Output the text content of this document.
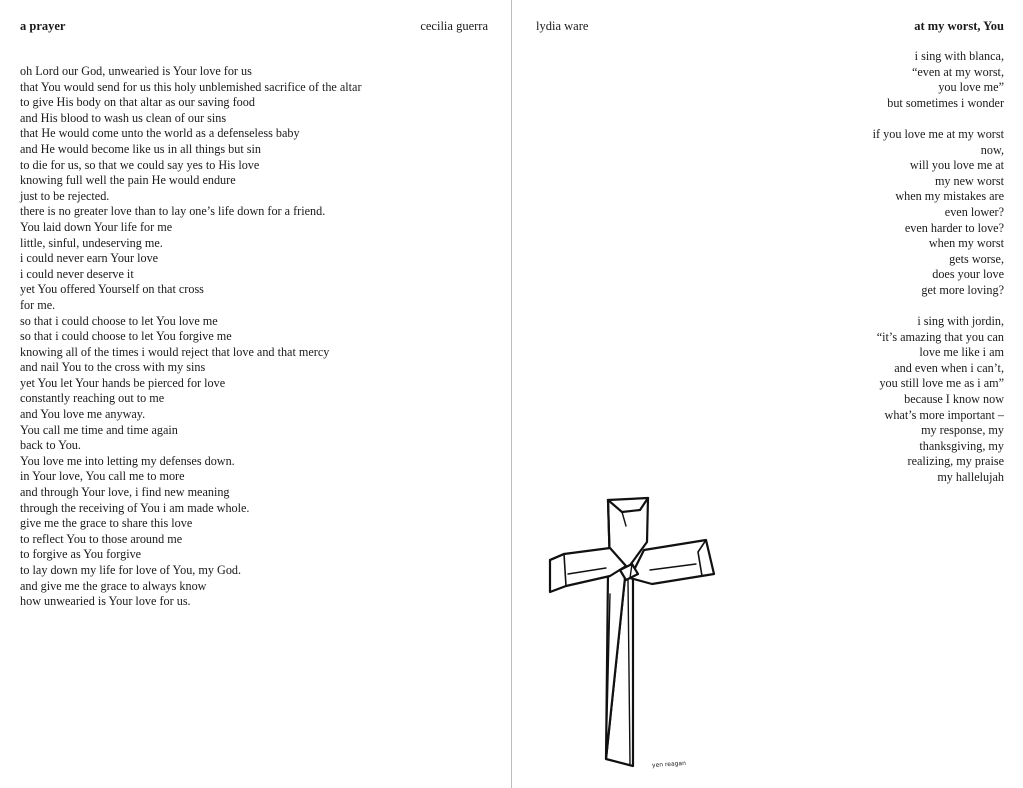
a prayer	cecilia guerra
oh Lord our God, unwearied is Your love for us
that You would send for us this holy unblemished sacrifice of the altar
to give His body on that altar as our saving food
and His blood to wash us clean of our sins
that He would come unto the world as a defenseless baby
and He would become like us in all things but sin
to die for us, so that we could say yes to His love
knowing full well the pain He would endure
just to be rejected.
there is no greater love than to lay one’s life down for a friend.
You laid down Your life for me
little, sinful, undeserving me.
i could never earn Your love
i could never deserve it
yet You offered Yourself on that cross
for me.
so that i could choose to let You love me
so that i could choose to let You forgive me
knowing all of the times i would reject that love and that mercy
and nail You to the cross with my sins
yet You let Your hands be pierced for love
constantly reaching out to me
and You love me anyway.
You call me time and time again
back to You.
You love me into letting my defenses down.
in Your love, You call me to more
and through Your love, i find new meaning
through the receiving of You i am made whole.
give me the grace to share this love
to reflect You to those around me
to forgive as You forgive
to lay down my life for love of You, my God.
and give me the grace to always know
how unwearied is Your love for us.
lydia ware	at my worst, You
i sing with blanca,
“even at my worst,
you love me”
but sometimes i wonder
if you love me at my worst
now,
will you love me at
my new worst
when my mistakes are
even lower?
even harder to love?
when my worst
gets worse,
does your love
get more loving?
i sing with jordin,
“it’s amazing that you can
love me like i am
and even when i can’t,
you still love me as i am”
because I know now
what’s more important –
my response, my
thanksgiving, my
realizing, my praise
my hallelujah
yen reagan
